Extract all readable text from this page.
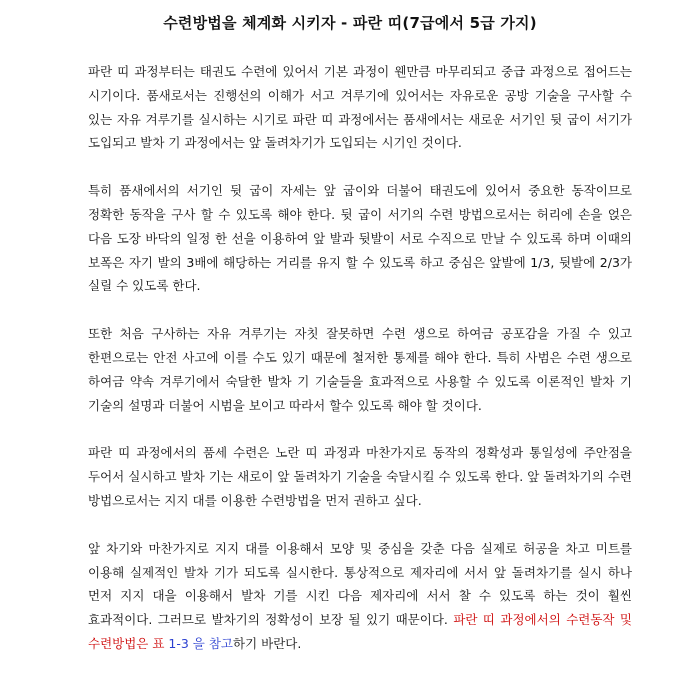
수련방법을 체계화 시키자 - 파란 띠(7급에서 5급 가지)

파란 띠 과정부터는 태권도 수련에 있어서 기본 과정이 웬만큼 마무리되고 중급 과정으로 접어드는 시기이다. 품새로서는 진행선의 이해가 서고 겨루기에 있어서는 자유로운 공방 기술을 구사할 수 있는 자유 겨루기를 실시하는 시기로 파란 띠 과정에서는 품새에서는 새로운 서기인 뒷 굽이 서기가 도입되고 발차 기 과정에서는 앞 돌려차기가 도입되는 시기인 것이다.

특히 품새에서의 서기인 뒷 굽이 자세는 앞 굽이와 더불어 태권도에 있어서 중요한 동작이므로 정확한 동작을 구사 할 수 있도록 해야 한다. 뒷 굽이 서기의 수련 방법으로서는 허리에 손을 얹은 다음 도장 바닥의 일정 한 선을 이용하여 앞 발과 뒷발이 서로 수직으로 만날 수 있도록 하며 이때의 보폭은 자기 발의 3배에 해당하는 거리를 유지 할 수 있도록 하고 중심은 앞발에 1/3, 뒷발에 2/3가 실릴 수 있도록 한다.

또한 처음 구사하는 자유 겨루기는 자칫 잘못하면 수련 생으로 하여금 공포감을 가질 수 있고 한편으로는 안전 사고에 이를 수도 있기 때문에 철저한 통제를 해야 한다. 특히 사범은 수련 생으로 하여금 약속 겨루기에서 숙달한 발차 기 기술들을 효과적으로 사용할 수 있도록 이론적인 발차 기 기술의 설명과 더불어 시범을 보이고 따라서 할수 있도록 해야 할 것이다.

파란 띠 과정에서의 품세 수련은 노란 띠 과정과 마찬가지로 동작의 정확성과 통일성에 주안점을 두어서 실시하고 발차 기는 새로이 앞 돌려차기 기술을 숙달시킬 수 있도록 한다. 앞 돌려차기의 수련 방법으로서는 지지 대를 이용한 수련방법을 먼저 권하고 싶다.

앞 차기와 마찬가지로 지지 대를 이용해서 모양 및 중심을 갖춘 다음 실제로 허공을 차고 미트를 이용해 실제적인 발차 기가 되도록 실시한다. 통상적으로 제자리에 서서 앞 돌려차기를 실시 하나 먼저 지지 대을 이용해서 발차 기를 시킨 다음 제자리에 서서 찰 수 있도록 하는 것이 훨씬 효과적이다. 그러므로 발차기의 정확성이 보장 될 있기 때문이다. 파란 띠 과정에서의 수련동작 및 수련방법은 표 1-3 을 참고하기 바란다.
